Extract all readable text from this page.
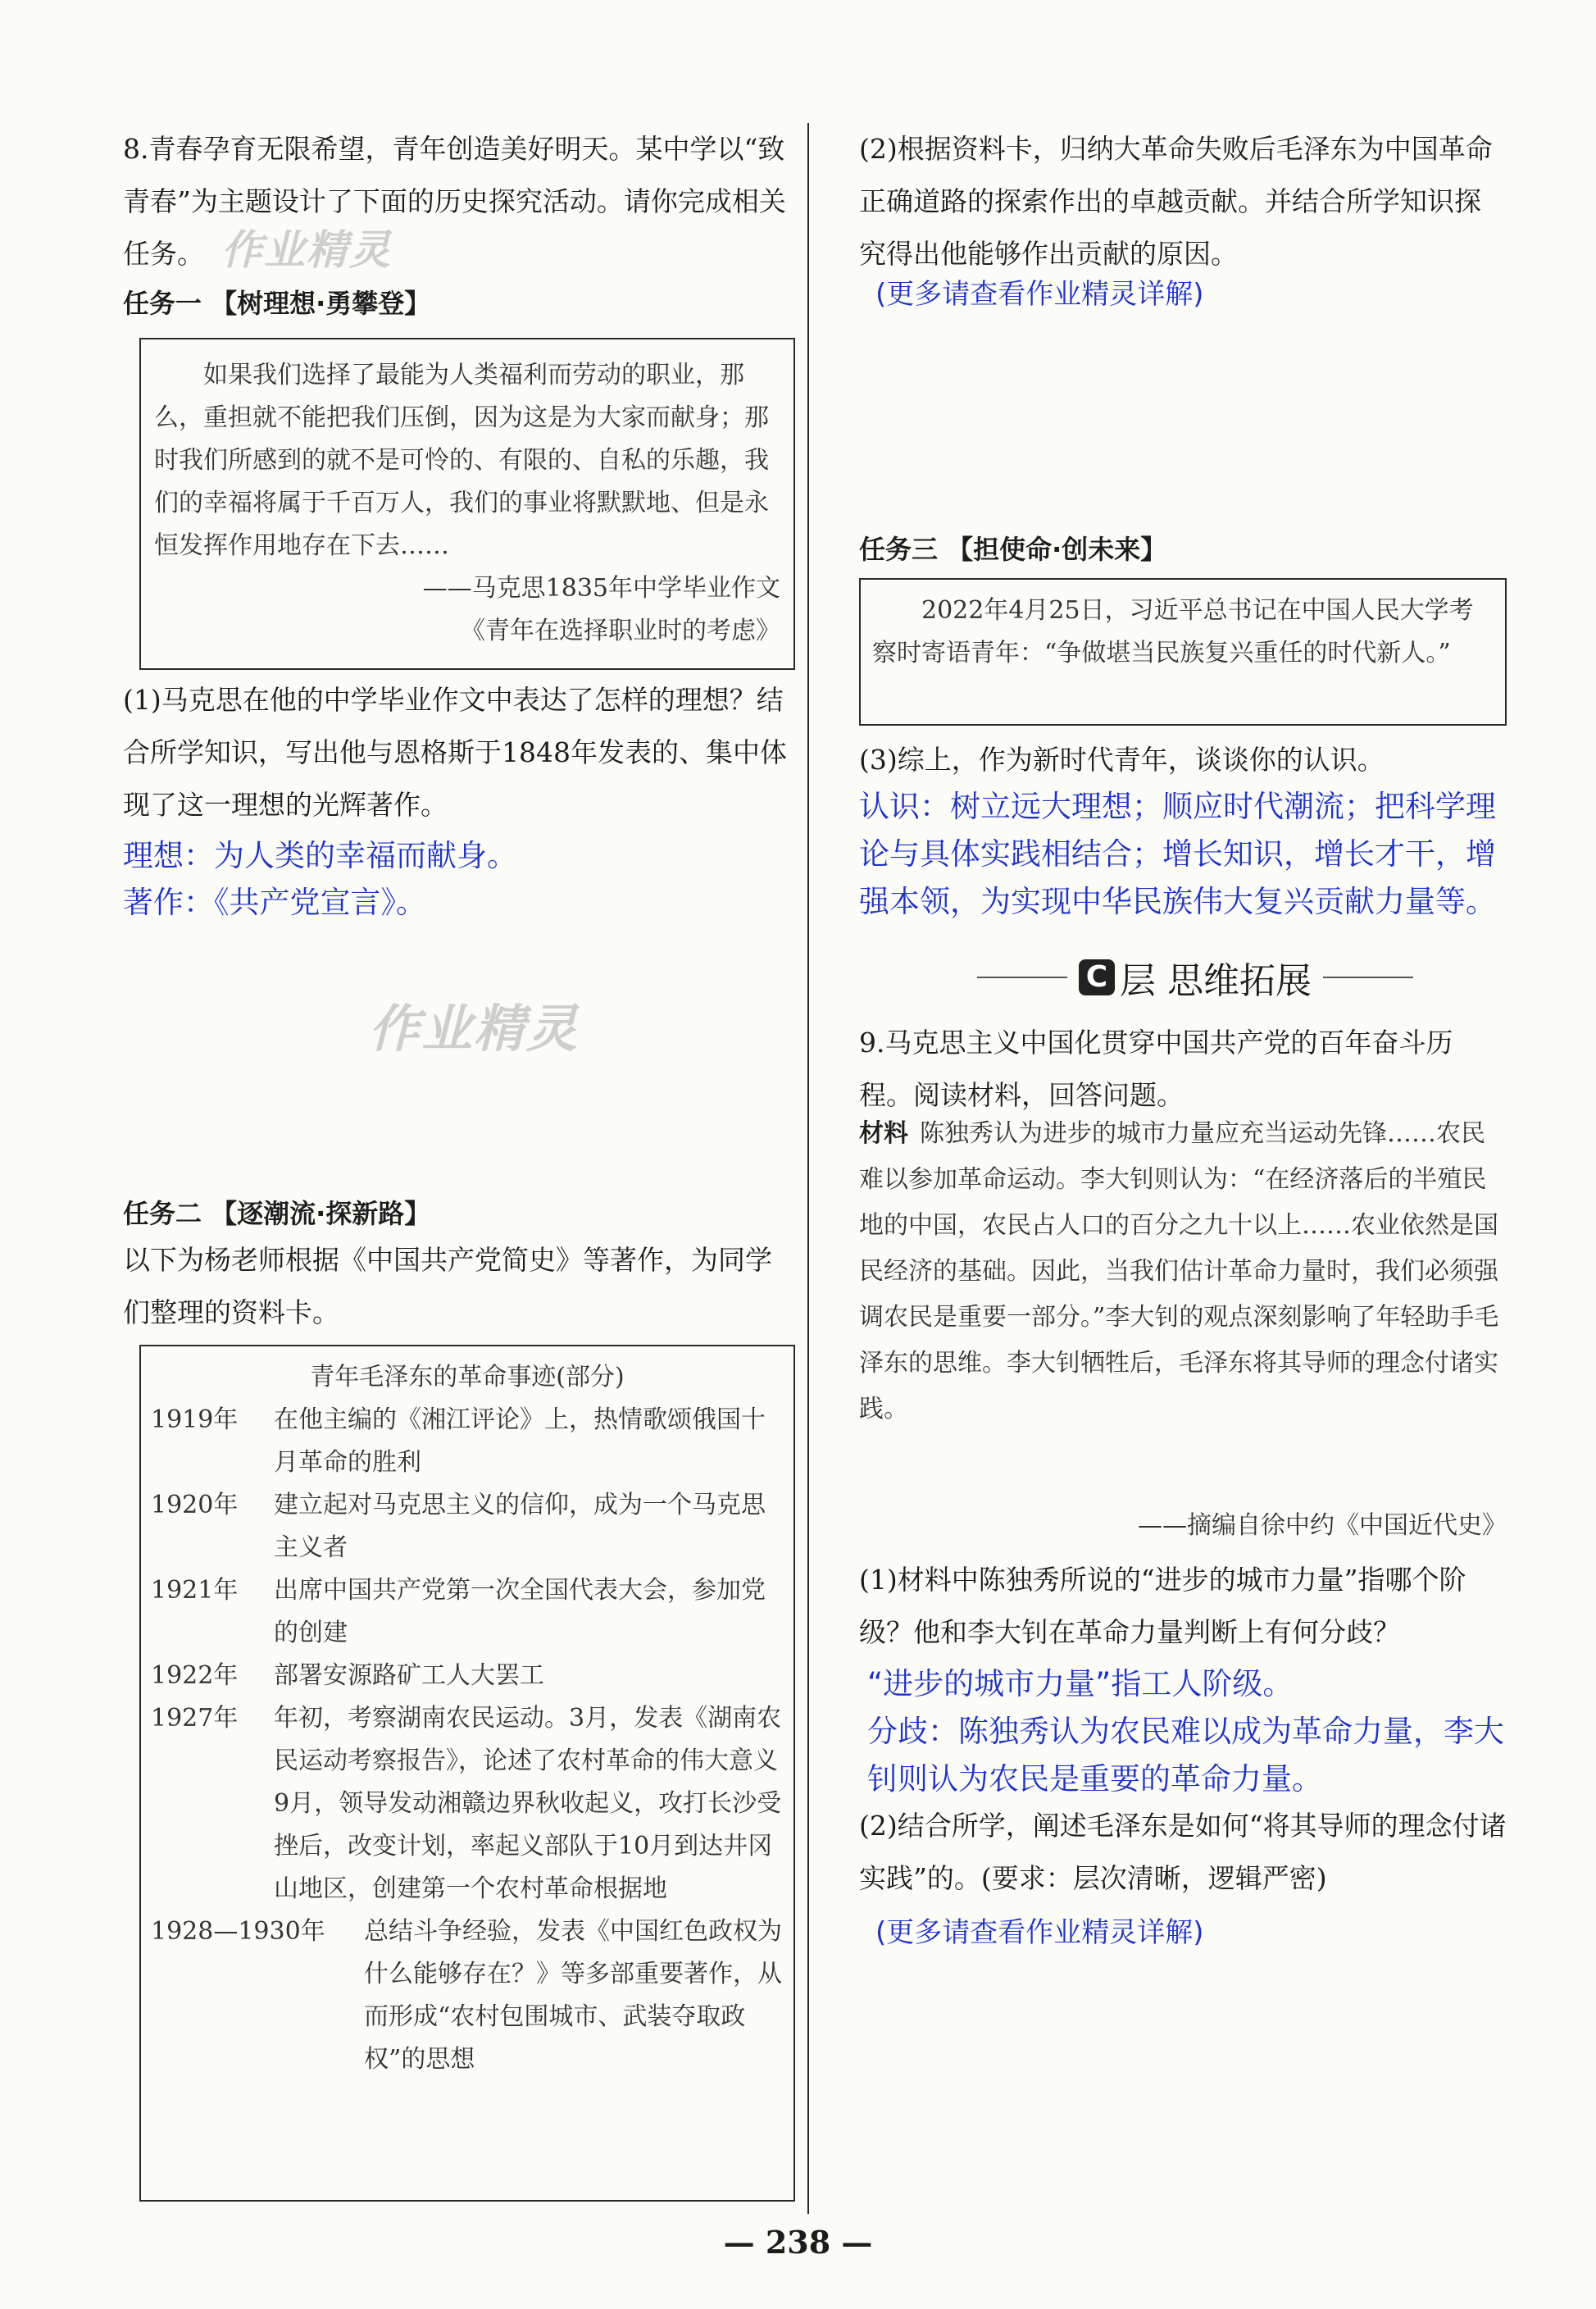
8.青春孕育无限希望，青年创造美好明天。某中学以“致青春”为主题设计了下面的历史探究活动。请你完成相关任务。 作业精灵
任务一 【树理想·勇攀登】
如果我们选择了最能为人类福利而劳动的职业，那么，重担就不能把我们压倒，因为这是为大家而献身；那时我们所感到的就不是可怜的、有限的、自私的乐趣，我们的幸福将属于千百万人，我们的事业将默默地、但是永恒发挥作用地存在下去……
——马克思1835年中学毕业作文
《青年在选择职业时的考虑》
(1)马克思在他的中学毕业作文中表达了怎样的理想？结合所学知识，写出他与恩格斯于1848年发表的、集中体现了这一理想的光辉著作。
理想：为人类的幸福而献身。
著作：《共产党宣言》。
作业精灵
任务二 【逐潮流·探新路】
以下为杨老师根据《中国共产党简史》等著作，为同学们整理的资料卡。
青年毛泽东的革命事迹(部分)
1919年	在他主编的《湘江评论》上，热情歌颂俄国十月革命的胜利
1920年	建立起对马克思主义的信仰，成为一个马克思主义者
1921年	出席中国共产党第一次全国代表大会，参加党的创建
1922年	部署安源路矿工人大罢工
1927年	年初，考察湖南农民运动。3月，发表《湖南农民运动考察报告》，论述了农村革命的伟大意义
9月，领导发动湘赣边界秋收起义，攻打长沙受挫后，改变计划，率起义部队于10月到达井冈山地区，创建第一个农村革命根据地
1928—1930年	总结斗争经验，发表《中国红色政权为什么能够存在？》等多部重要著作，从而形成“农村包围城市、武装夺取政权”的思想
(2)根据资料卡，归纳大革命失败后毛泽东为中国革命正确道路的探索作出的卓越贡献。并结合所学知识探究得出他能够作出贡献的原因。
(更多请查看作业精灵详解)
任务三 【担使命·创未来】
2022年4月25日，习近平总书记在中国人民大学考察时寄语青年：“争做堪当民族复兴重任的时代新人。”
(3)综上，作为新时代青年，谈谈你的认识。
认识：树立远大理想；顺应时代潮流；把科学理论与具体实践相结合；增长知识，增长才干，增强本领，为实现中华民族伟大复兴贡献力量等。
C 层 思维拓展
9.马克思主义中国化贯穿中国共产党的百年奋斗历程。阅读材料，回答问题。
材料 陈独秀认为进步的城市力量应充当运动先锋……农民难以参加革命运动。李大钊则认为：“在经济落后的半殖民地的中国，农民占人口的百分之九十以上……农业依然是国民经济的基础。因此，当我们估计革命力量时，我们必须强调农民是重要一部分。”李大钊的观点深刻影响了年轻助手毛泽东的思维。李大钊牺牲后，毛泽东将其导师的理念付诸实践。
——摘编自徐中约《中国近代史》
(1)材料中陈独秀所说的“进步的城市力量”指哪个阶级？他和李大钊在革命力量判断上有何分歧？
“进步的城市力量”指工人阶级。
分歧：陈独秀认为农民难以成为革命力量，李大钊则认为农民是重要的革命力量。
(2)结合所学，阐述毛泽东是如何“将其导师的理念付诸实践”的。(要求：层次清晰，逻辑严密)
(更多请查看作业精灵详解)
— 238 —
